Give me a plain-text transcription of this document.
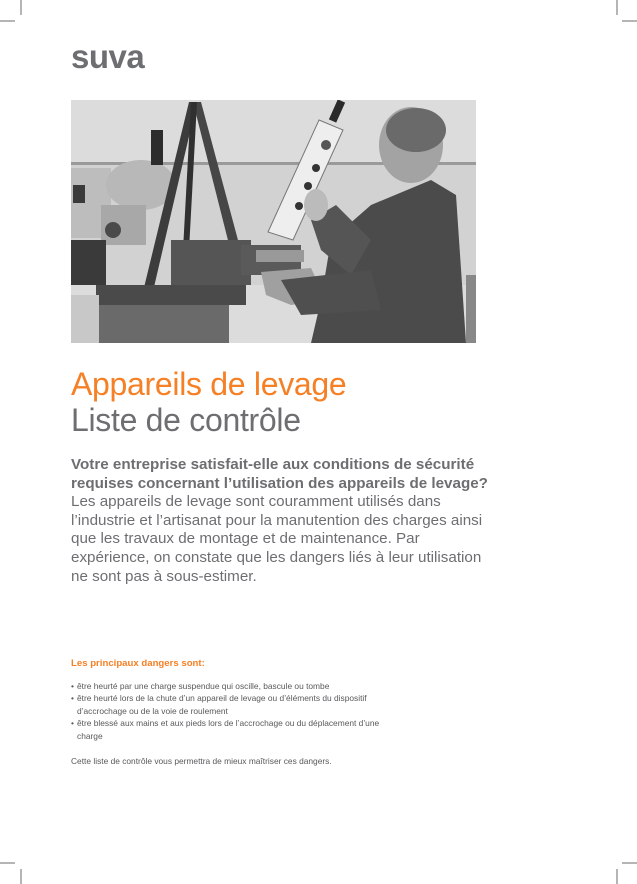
suva
Appareils de levage
Liste de contrôle
Votre entreprise satisfait-elle aux conditions de sécurité requises concernant l’utilisation des appareils de levage?
Les appareils de levage sont couramment utilisés dans l’industrie et l’artisanat pour la manutention des charges ainsi que les travaux de montage et de maintenance. Par expérience, on constate que les dangers liés à leur utilisation ne sont pas à sous-estimer.
Les principaux dangers sont:
• être heurté par une charge suspendue qui oscille, bascule ou tombe
• être heurté lors de la chute d’un appareil de levage ou d’éléments du dispositif d’accrochage ou de la voie de roulement
• être blessé aux mains et aux pieds lors de l’accrochage ou du déplacement d’une charge
Cette liste de contrôle vous permettra de mieux maîtriser ces dangers.
